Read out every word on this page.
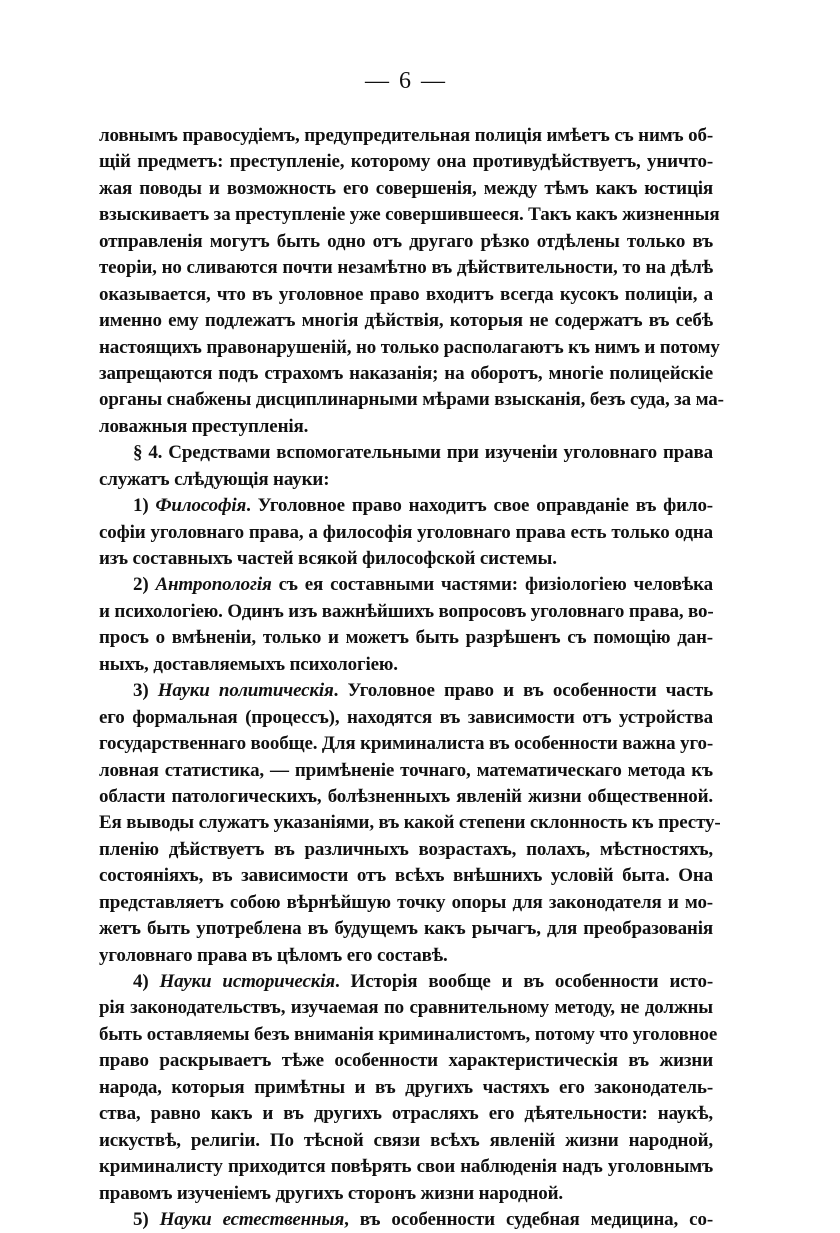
— 6 —
ловнымъ правосудіемъ, предупредительная полиція имѣетъ съ нимъ об-
щій предметъ: преступленіе, которому она противудѣйствуетъ, уничто-
жая поводы и возможность его совершенія, между тѣмъ какъ юстиція
взыскиваетъ за преступленіе уже совершившееся. Такъ какъ жизненныя
отправленія могутъ быть одно отъ другаго рѣзко отдѣлены только въ
теоріи, но сливаются почти незамѣтно въ дѣйствительности, то на дѣлѣ
оказывается, что въ уголовное право входитъ всегда кусокъ полиціи, а
именно ему подлежатъ многія дѣйствія, которыя не содержатъ въ себѣ
настоящихъ правонарушеній, но только располагаютъ къ нимъ и потому
запрещаются подъ страхомъ наказанія; на оборотъ, многіе полицейскіе
органы снабжены дисциплинарными мѣрами взысканія, безъ суда, за ма-
ловажныя преступленія.
§ 4. Средствами вспомогательными при изученіи уголовнаго права
служатъ слѣдующія науки:
1) Философія. Уголовное право находитъ свое оправданіе въ фило-
софіи уголовнаго права, а философія уголовнаго права есть только одна
изъ составныхъ частей всякой философской системы.
2) Антропологія съ ея составными частями: физіологіею человѣка
и психологіею. Одинъ изъ важнѣйшихъ вопросовъ уголовнаго права, во-
просъ о вмѣненіи, только и можетъ быть разрѣшенъ съ помощію дан-
ныхъ, доставляемыхъ психологіею.
3) Науки политическія. Уголовное право и въ особенности часть
его формальная (процессъ), находятся въ зависимости отъ устройства
государственнаго вообще. Для криминалиста въ особенности важна уго-
ловная статистика, — примѣненіе точнаго, математическаго метода къ
области патологическихъ, болѣзненныхъ явленій жизни общественной.
Ея выводы служатъ указаніями, въ какой степени склонность къ престу-
пленію дѣйствуетъ въ различныхъ возрастахъ, полахъ, мѣстностяхъ,
состояніяхъ, въ зависимости отъ всѣхъ внѣшнихъ условій быта. Она
представляетъ собою вѣрнѣйшую точку опоры для законодателя и мо-
жетъ быть употреблена въ будущемъ какъ рычагъ, для преобразованія
уголовнаго права въ цѣломъ его составѣ.
4) Науки историческія. Исторія вообще и въ особенности исто-
рія законодательствъ, изучаемая по сравнительному методу, не должны
быть оставляемы безъ вниманія криминалистомъ, потому что уголовное
право раскрываетъ тѣже особенности характеристическія въ жизни
народа, которыя примѣтны и въ другихъ частяхъ его законодатель-
ства, равно какъ и въ другихъ отрасляхъ его дѣятельности: наукѣ,
искуствѣ, религіи. По тѣсной связи всѣхъ явленій жизни народной,
криминалисту приходится повѣрять свои наблюденія надъ уголовнымъ
правомъ изученіемъ другихъ сторонъ жизни народной.
5) Науки естественныя, въ особенности судебная медицина, со-
